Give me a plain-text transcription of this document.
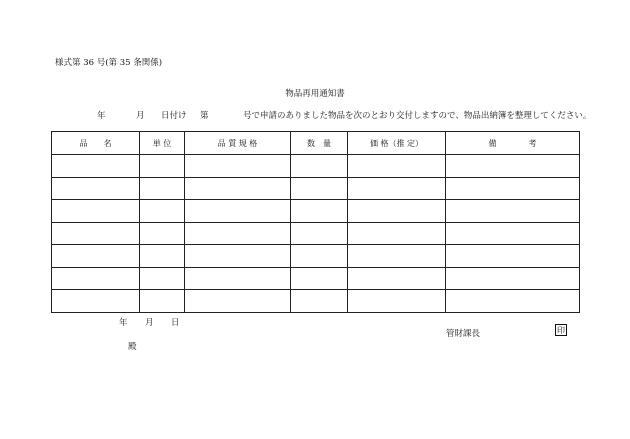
様式第 36 号(第 35 条関係)
物品再用通知書
年	月 日付け 第	号で申請のありました物品を次のとおり交付しますので、物品出納簿を整理してください。
品　　名	単 位	品 質 規 格	数　量	価 格（推 定）	備　　　　考

年 月 日
管財課長	印
殿
